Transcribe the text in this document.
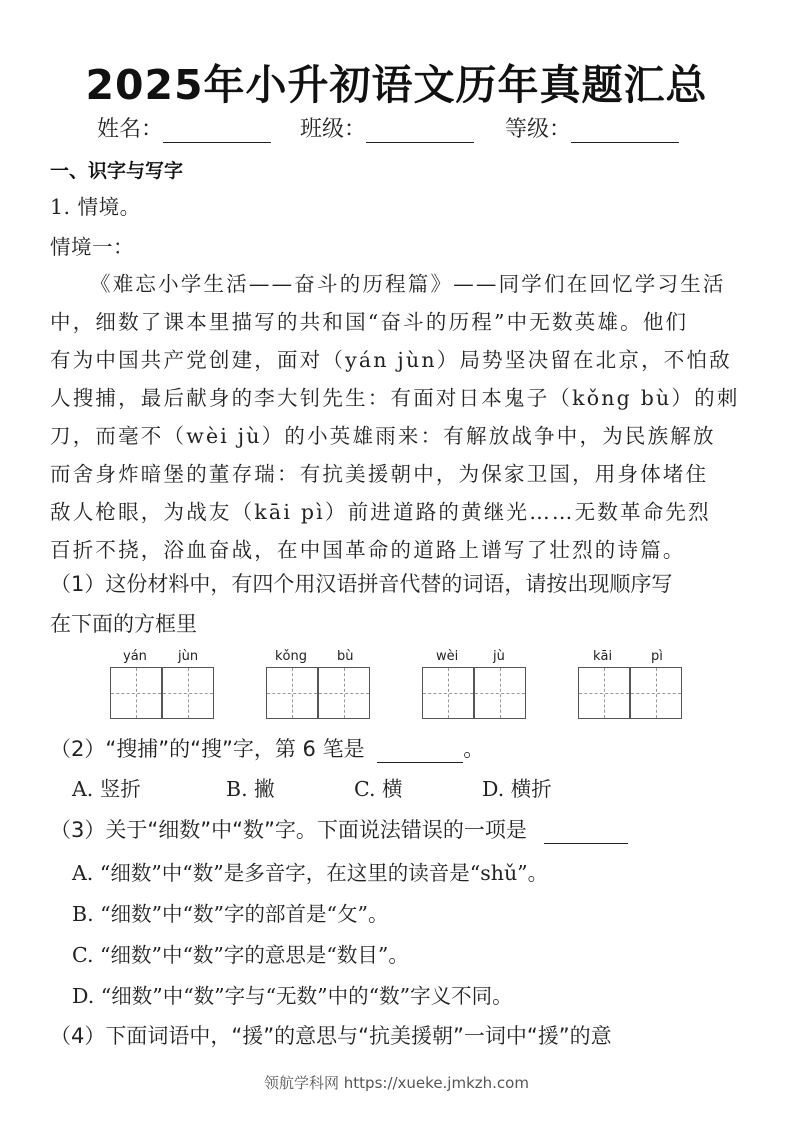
2025年小升初语文历年真题汇总
姓名：	班级：	等级：
一、识字与写字
1. 情境。
情境一：
《难忘小学生活——奋斗的历程篇》——同学们在回忆学习生活
中，细数了课本里描写的共和国“奋斗的历程”中无数英雄。他们
有为中国共产党创建，面对（yán jùn）局势坚决留在北京，不怕敌
人搜捕，最后献身的李大钊先生：有面对日本鬼子（kǒng bù）的刺
刀，而毫不（wèi jù）的小英雄雨来：有解放战争中，为民族解放
而舍身炸暗堡的董存瑞：有抗美援朝中，为保家卫国，用身体堵住
敌人枪眼，为战友（kāi pì）前进道路的黄继光……无数革命先烈
百折不挠，浴血奋战，在中国革命的道路上谱写了壮烈的诗篇。
（1）这份材料中，有四个用汉语拼音代替的词语，请按出现顺序写
在下面的方框里
yán jùn	kǒng bù	wèi	jù	kāi	pì
（2）“搜捕”的“搜”字，第 6 笔是	。
A. 竖折	B. 撇	C. 横	D. 横折
（3）关于“细数”中“数”字。下面说法错误的一项是
A. “细数”中“数”是多音字，在这里的读音是“shǔ”。
B. “细数”中“数”字的部首是“攵”。
C. “细数”中“数”字的意思是“数目”。
D. “细数”中“数”字与“无数”中的“数”字义不同。
（4）下面词语中，“援”的意思与“抗美援朝”一词中“援”的意
领航学科网 https://xueke.jmkzh.com
